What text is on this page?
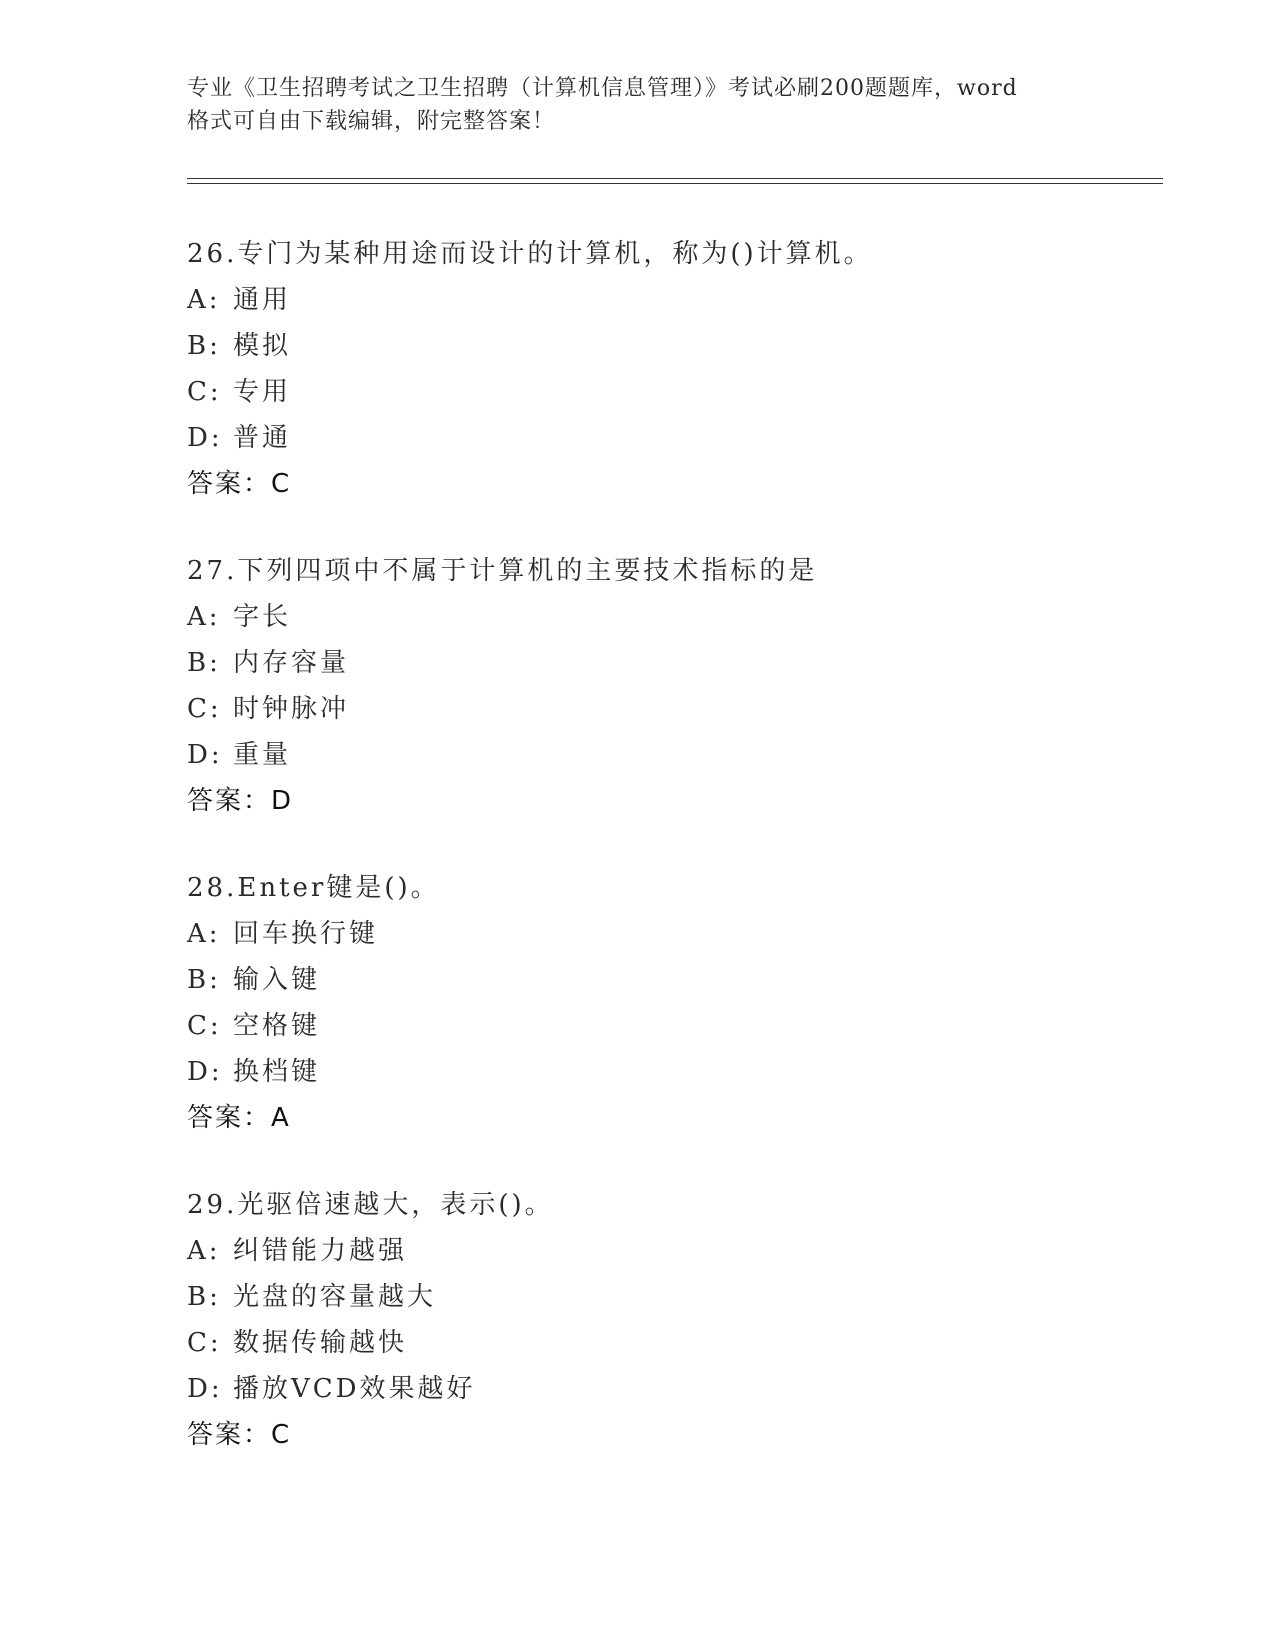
专业《卫生招聘考试之卫生招聘（计算机信息管理）》考试必刷200题题库，word
格式可自由下载编辑，附完整答案！
26.专门为某种用途而设计的计算机，称为()计算机。
A: 通用
B: 模拟
C: 专用
D: 普通
答案：C
27.下列四项中不属于计算机的主要技术指标的是
A: 字长
B: 内存容量
C: 时钟脉冲
D: 重量
答案：D
28.Enter键是()。
A: 回车换行键
B: 输入键
C: 空格键
D: 换档键
答案：A
29.光驱倍速越大，表示()。
A: 纠错能力越强
B: 光盘的容量越大
C: 数据传输越快
D: 播放VCD效果越好
答案：C
